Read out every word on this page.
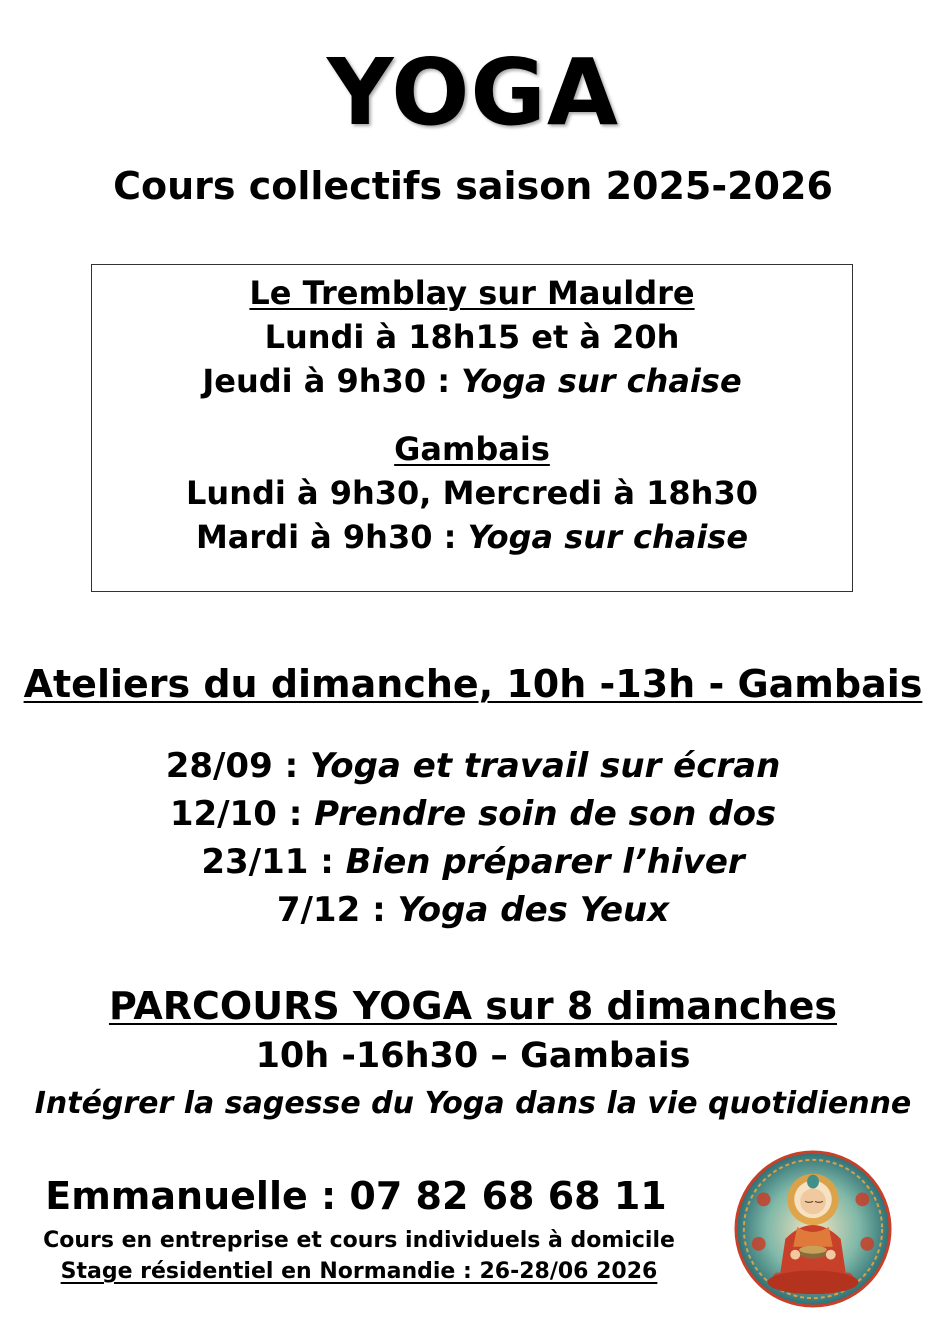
YOGA
Cours collectifs saison 2025-2026
Le Tremblay sur Mauldre
Lundi à 18h15 et à 20h
Jeudi à 9h30 : Yoga sur chaise
Gambais
Lundi à 9h30, Mercredi à 18h30
Mardi à 9h30 : Yoga sur chaise
Ateliers du dimanche, 10h -13h - Gambais
28/09 : Yoga et travail sur écran
12/10 : Prendre soin de son dos
23/11 : Bien préparer l’hiver
7/12 : Yoga des Yeux
PARCOURS YOGA sur 8 dimanches
10h -16h30 – Gambais
Intégrer la sagesse du Yoga dans la vie quotidienne
Emmanuelle : 07 82 68 68 11
Cours en entreprise et cours individuels à domicile
Stage résidentiel en Normandie : 26-28/06 2026
